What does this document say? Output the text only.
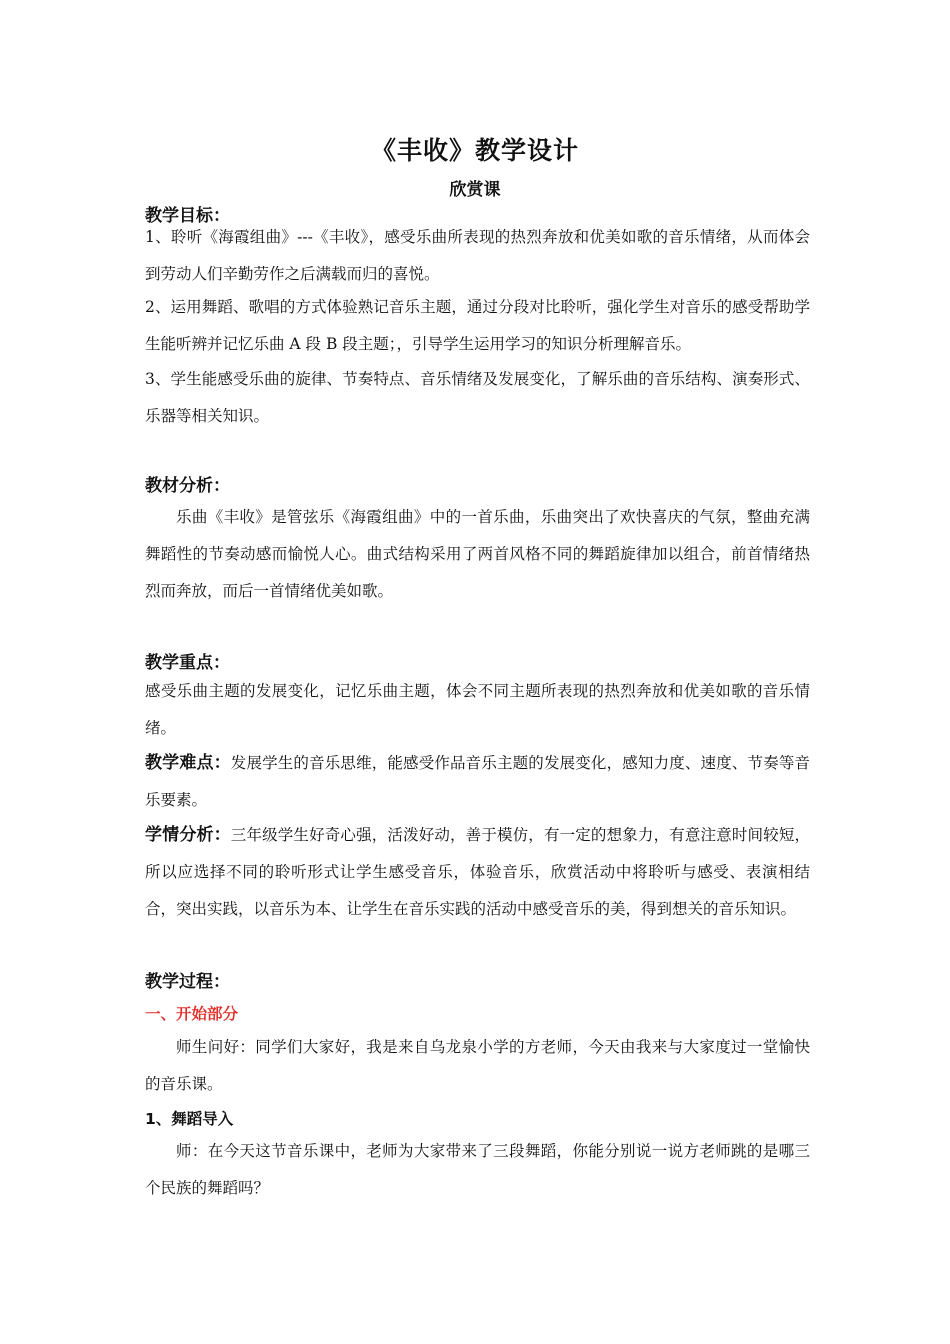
《丰收》教学设计
欣赏课
教学目标：
1、聆听《海霞组曲》---《丰收》，感受乐曲所表现的热烈奔放和优美如歌的音乐情绪，从而体会到劳动人们辛勤劳作之后满载而归的喜悦。
2、运用舞蹈、歌唱的方式体验熟记音乐主题，通过分段对比聆听，强化学生对音乐的感受帮助学生能听辨并记忆乐曲 A 段 B 段主题；，引导学生运用学习的知识分析理解音乐。
3、学生能感受乐曲的旋律、节奏特点、音乐情绪及发展变化，了解乐曲的音乐结构、演奏形式、乐器等相关知识。
教材分析：
乐曲《丰收》是管弦乐《海霞组曲》中的一首乐曲，乐曲突出了欢快喜庆的气氛，整曲充满舞蹈性的节奏动感而愉悦人心。曲式结构采用了两首风格不同的舞蹈旋律加以组合，前首情绪热烈而奔放，而后一首情绪优美如歌。
教学重点：
感受乐曲主题的发展变化，记忆乐曲主题，体会不同主题所表现的热烈奔放和优美如歌的音乐情绪。
教学难点：发展学生的音乐思维，能感受作品音乐主题的发展变化，感知力度、速度、节奏等音乐要素。
学情分析：三年级学生好奇心强，活泼好动，善于模仿，有一定的想象力，有意注意时间较短，所以应选择不同的聆听形式让学生感受音乐，体验音乐，欣赏活动中将聆听与感受、表演相结合，突出实践，以音乐为本、让学生在音乐实践的活动中感受音乐的美，得到想关的音乐知识。
教学过程：
一、开始部分
师生问好：同学们大家好，我是来自乌龙泉小学的方老师，今天由我来与大家度过一堂愉快的音乐课。
1、舞蹈导入
师：在今天这节音乐课中，老师为大家带来了三段舞蹈，你能分别说一说方老师跳的是哪三个民族的舞蹈吗？
